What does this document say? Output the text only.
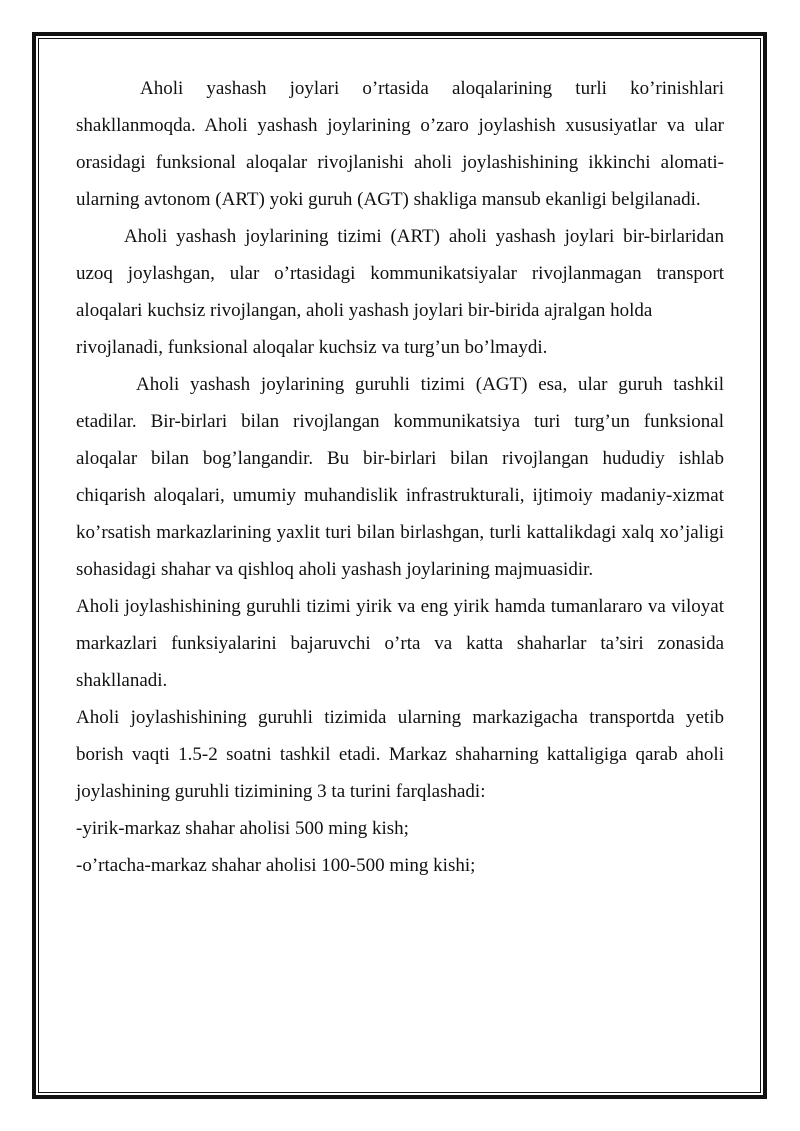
Aholi yashash joylari o’rtasida aloqalarining turli ko’rinishlari shakllanmoqda. Aholi yashash joylarining o’zaro joylashish xususiyatlar va ular orasidagi funksional aloqalar rivojlanishi aholi joylashishining ikkinchi alomati-ularning avtonom (ART) yoki guruh (AGT) shakliga mansub ekanligi belgilanadi.

Aholi yashash joylarining tizimi (ART) aholi yashash joylari bir-birlaridan uzoq joylashgan, ular o’rtasidagi kommunikatsiyalar rivojlanmagan transport aloqalari kuchsiz rivojlangan, aholi yashash joylari bir-birida ajralgan holda

rivojlanadi, funksional aloqalar kuchsiz va turg’un bo’lmaydi.

Aholi yashash joylarining guruhli tizimi (AGT) esa, ular guruh tashkil etadilar. Bir-birlari bilan rivojlangan kommunikatsiya turi turg’un funksional aloqalar bilan bog’langandir. Bu bir-birlari bilan rivojlangan hududiy ishlab chiqarish aloqalari, umumiy muhandislik infrastrukturali, ijtimoiy madaniy-xizmat ko’rsatish markazlarining yaxlit turi bilan birlashgan, turli kattalikdagi xalq xo’jaligi sohasidagi shahar va qishloq aholi yashash joylarining majmuasidir.

Aholi joylashishining guruhli tizimi yirik va eng yirik hamda tumanlararo va viloyat markazlari funksiyalarini bajaruvchi o’rta va katta shaharlar ta’siri zonasida shakllanadi.

Aholi joylashishining guruhli tizimida ularning markazigacha transportda yetib borish vaqti 1.5-2 soatni tashkil etadi. Markaz shaharning kattaligiga qarab aholi joylashining guruhli tizimining 3 ta turini farqlashadi:

-yirik-markaz shahar aholisi 500 ming kish;

-o’rtacha-markaz shahar aholisi 100-500 ming kishi;
